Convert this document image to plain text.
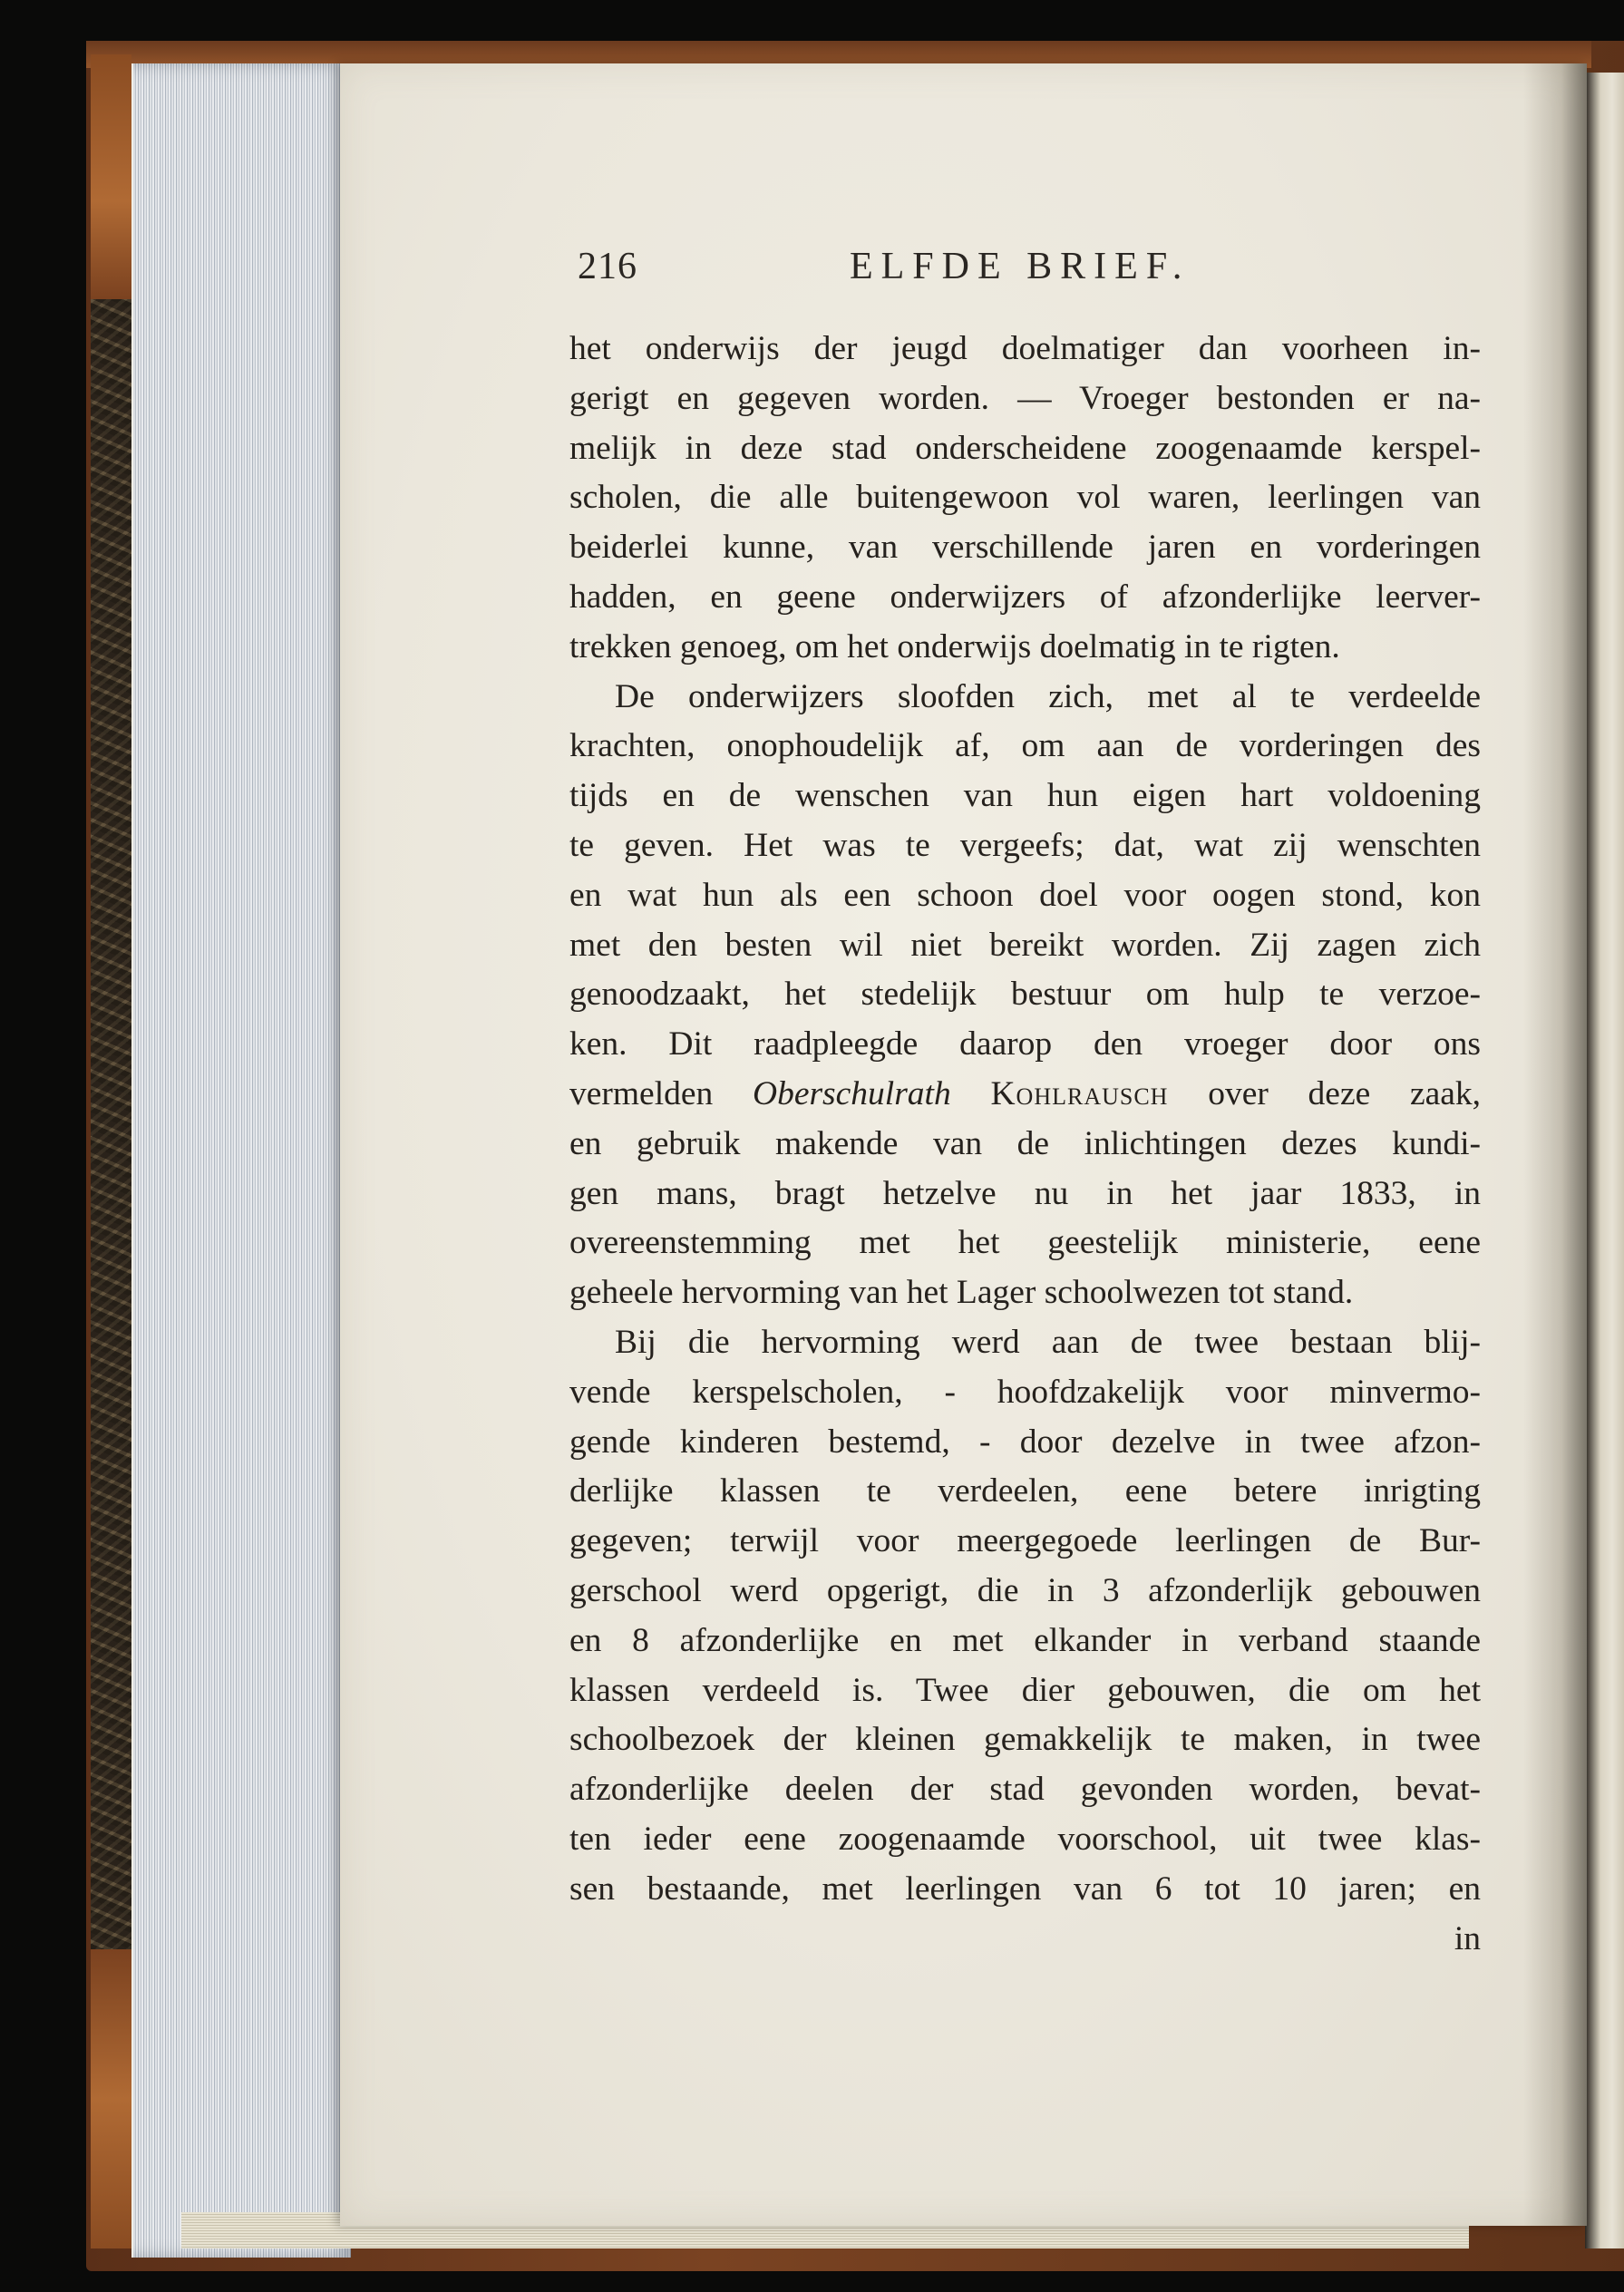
216	ELFDE BRIEF.
het onderwijs der jeugd doelmatiger dan voorheen in-
gerigt en gegeven worden. — Vroeger bestonden er na-
melijk in deze stad onderscheidene zoogenaamde kerspel-
scholen, die alle buitengewoon vol waren, leerlingen van
beiderlei kunne, van verschillende jaren en vorderingen
hadden, en geene onderwijzers of afzonderlijke leerver-
trekken genoeg, om het onderwijs doelmatig in te rigten.
De onderwijzers sloofden zich, met al te verdeelde
krachten, onophoudelijk af, om aan de vorderingen des
tijds en de wenschen van hun eigen hart voldoening
te geven. Het was te vergeefs; dat, wat zij wenschten
en wat hun als een schoon doel voor oogen stond, kon
met den besten wil niet bereikt worden. Zij zagen zich
genoodzaakt, het stedelijk bestuur om hulp te verzoe-
ken. Dit raadpleegde daarop den vroeger door ons
vermelden Oberschulrath Kohlrausch over deze zaak,
en gebruik makende van de inlichtingen dezes kundi-
gen mans, bragt hetzelve nu in het jaar 1833, in
overeenstemming met het geestelijk ministerie, eene
geheele hervorming van het Lager schoolwezen tot stand.
Bij die hervorming werd aan de twee bestaan blij-
vende kerspelscholen, - hoofdzakelijk voor minvermo-
gende kinderen bestemd, - door dezelve in twee afzon-
derlijke klassen te verdeelen, eene betere inrigting
gegeven; terwijl voor meergegoede leerlingen de Bur-
gerschool werd opgerigt, die in 3 afzonderlijk gebouwen
en 8 afzonderlijke en met elkander in verband staande
klassen verdeeld is. Twee dier gebouwen, die om het
schoolbezoek der kleinen gemakkelijk te maken, in twee
afzonderlijke deelen der stad gevonden worden, bevat-
ten ieder eene zoogenaamde voorschool, uit twee klas-
sen bestaande, met leerlingen van 6 tot 10 jaren; en
in
